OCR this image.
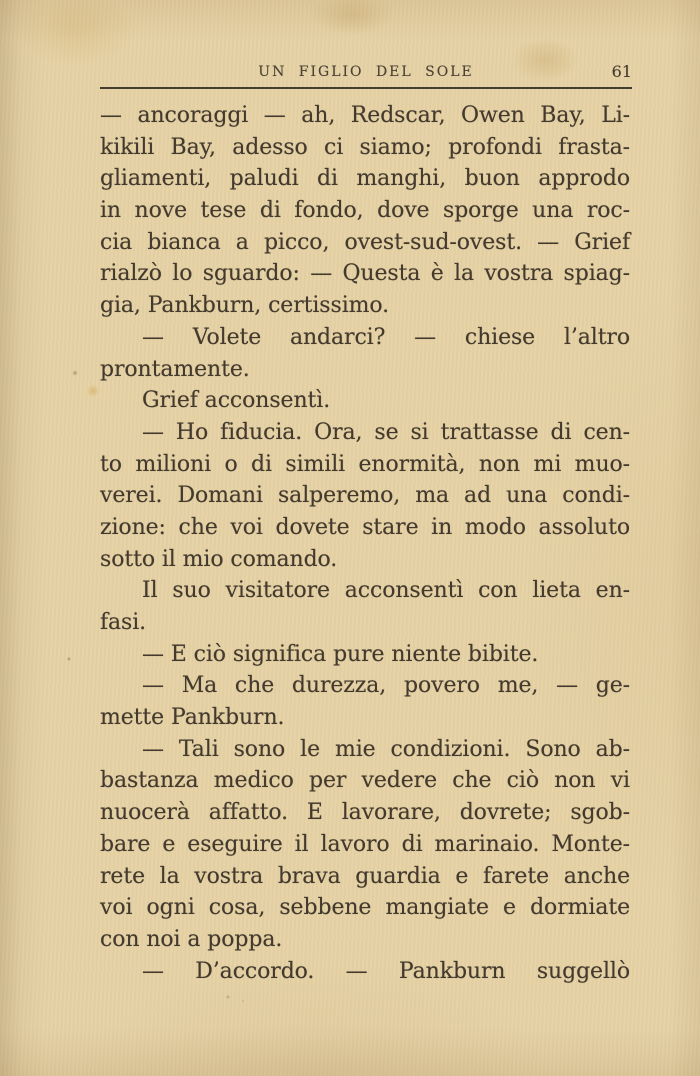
UN FIGLIO DEL SOLE	61
— ancoraggi — ah, Redscar, Owen Bay, Li-
kikili Bay, adesso ci siamo; profondi frasta-
gliamenti, paludi di manghi, buon approdo
in nove tese di fondo, dove sporge una roc-
cia bianca a picco, ovest-sud-ovest. — Grief
rialzò lo sguardo: — Questa è la vostra spiag-
gia, Pankburn, certissimo.
— Volete andarci? — chiese l’altro
prontamente.
Grief acconsentì.
— Ho fiducia. Ora, se si trattasse di cen-
to milioni o di simili enormità, non mi muo-
verei. Domani salperemo, ma ad una condi-
zione: che voi dovete stare in modo assoluto
sotto il mio comando.
Il suo visitatore acconsentì con lieta en-
fasi.
— E ciò significa pure niente bibite.
— Ma che durezza, povero me, — ge-
mette Pankburn.
— Tali sono le mie condizioni. Sono ab-
bastanza medico per vedere che ciò non vi
nuocerà affatto. E lavorare, dovrete; sgob-
bare e eseguire il lavoro di marinaio. Monte-
rete la vostra brava guardia e farete anche
voi ogni cosa, sebbene mangiate e dormiate
con noi a poppa.
— D’accordo. — Pankburn suggellò
